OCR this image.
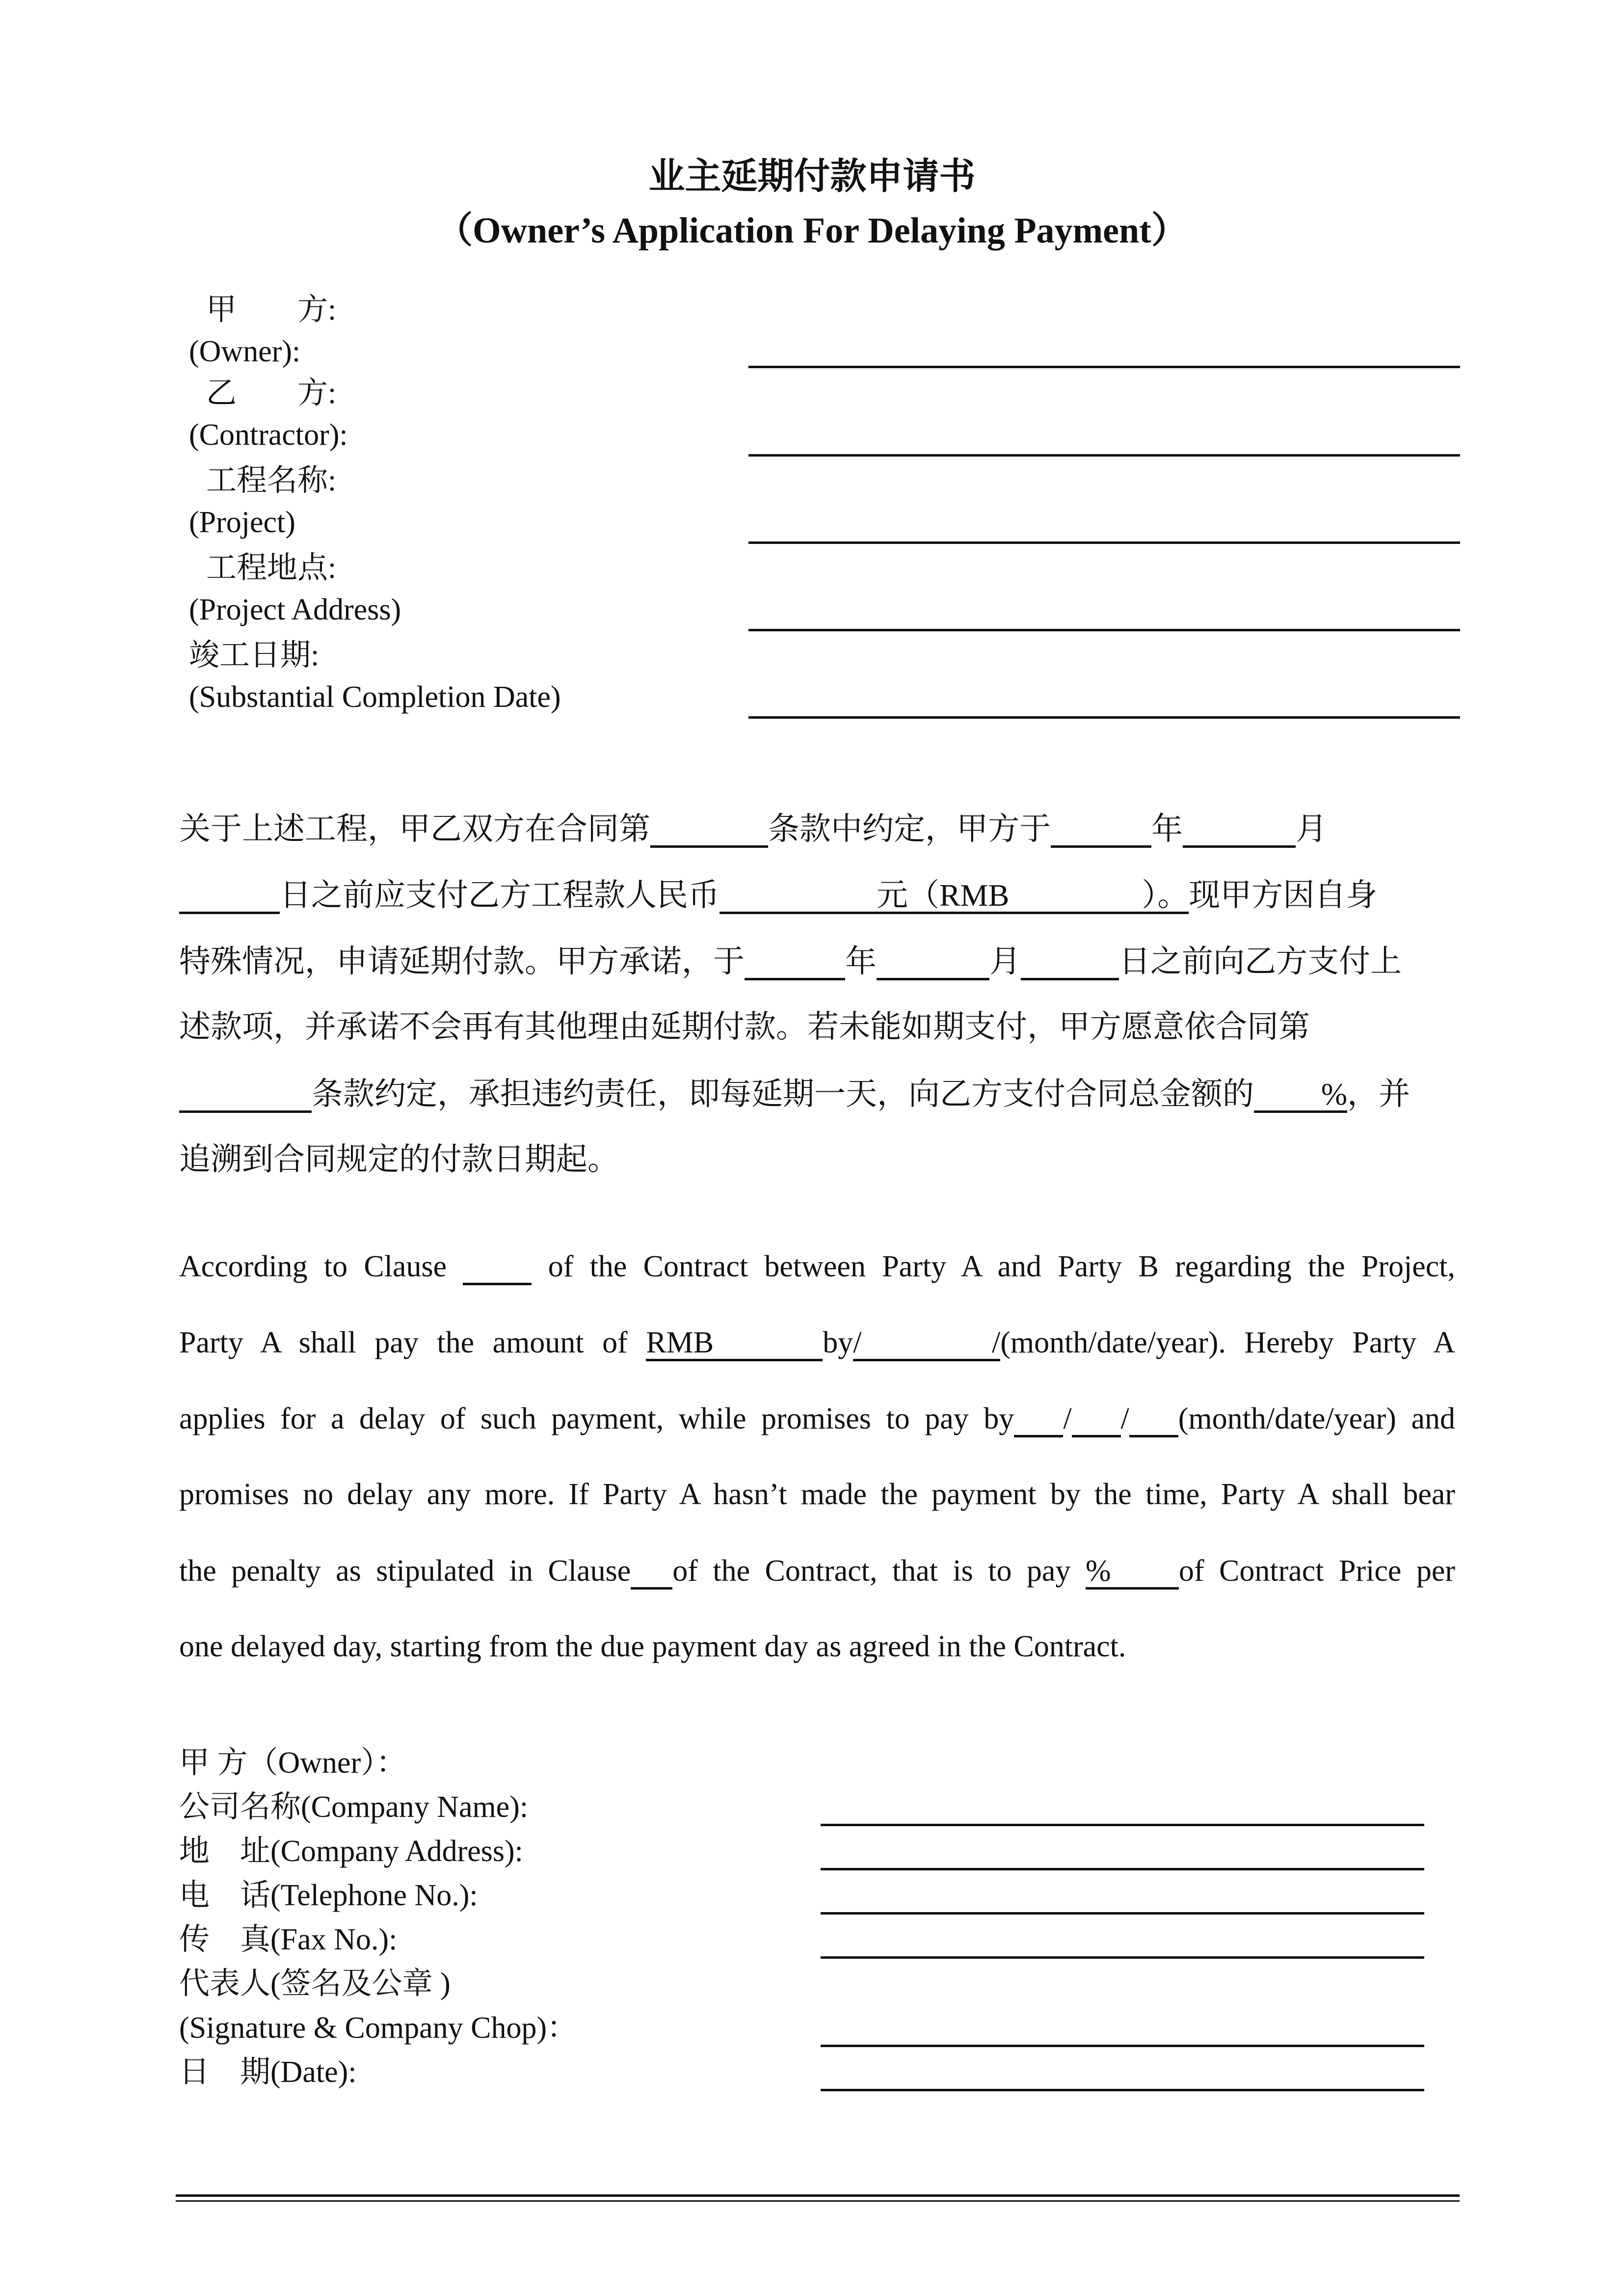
业主延期付款申请书
（Owner’s Application For Delaying Payment）
甲　　方:
(Owner):
乙　　方:
(Contractor):
工程名称:
(Project)
工程地点:
(Project Address)
竣工日期:
(Substantial Completion Date)
关于上述工程，甲乙双方在合同第	条款中约定，甲方于	年	月
日之前应支付乙方工程款人民币	元（RMB	）。现甲方因自身
特殊情况，申请延期付款。甲方承诺，于	年	月	日之前向乙方支付上
述款项，并承诺不会再有其他理由延期付款。若未能如期支付，甲方愿意依合同第
条款约定，承担违约责任，即每延期一天，向乙方支付合同总金额的 %，并
追溯到合同规定的付款日期起。
According to Clause	of the Contract between Party A and Party B regarding the Project,
Party A shall pay the amount of RMB	by/    /(month/date/year). Hereby Party A
applies for a delay of such payment, while promises to pay by / / (month/date/year) and
promises no delay any more. If Party A hasn’t made the payment by the time, Party A shall bear
the penalty as stipulated in Clause of the Contract, that is to pay % of Contract Price per
one delayed day, starting from the due payment day as agreed in the Contract.
甲 方（Owner）：
公司名称(Company Name):
地　址(Company Address):
电　话(Telephone No.):
传　真(Fax No.):
代表人(签名及公章 )
(Signature & Company Chop)：
日　期(Date):
